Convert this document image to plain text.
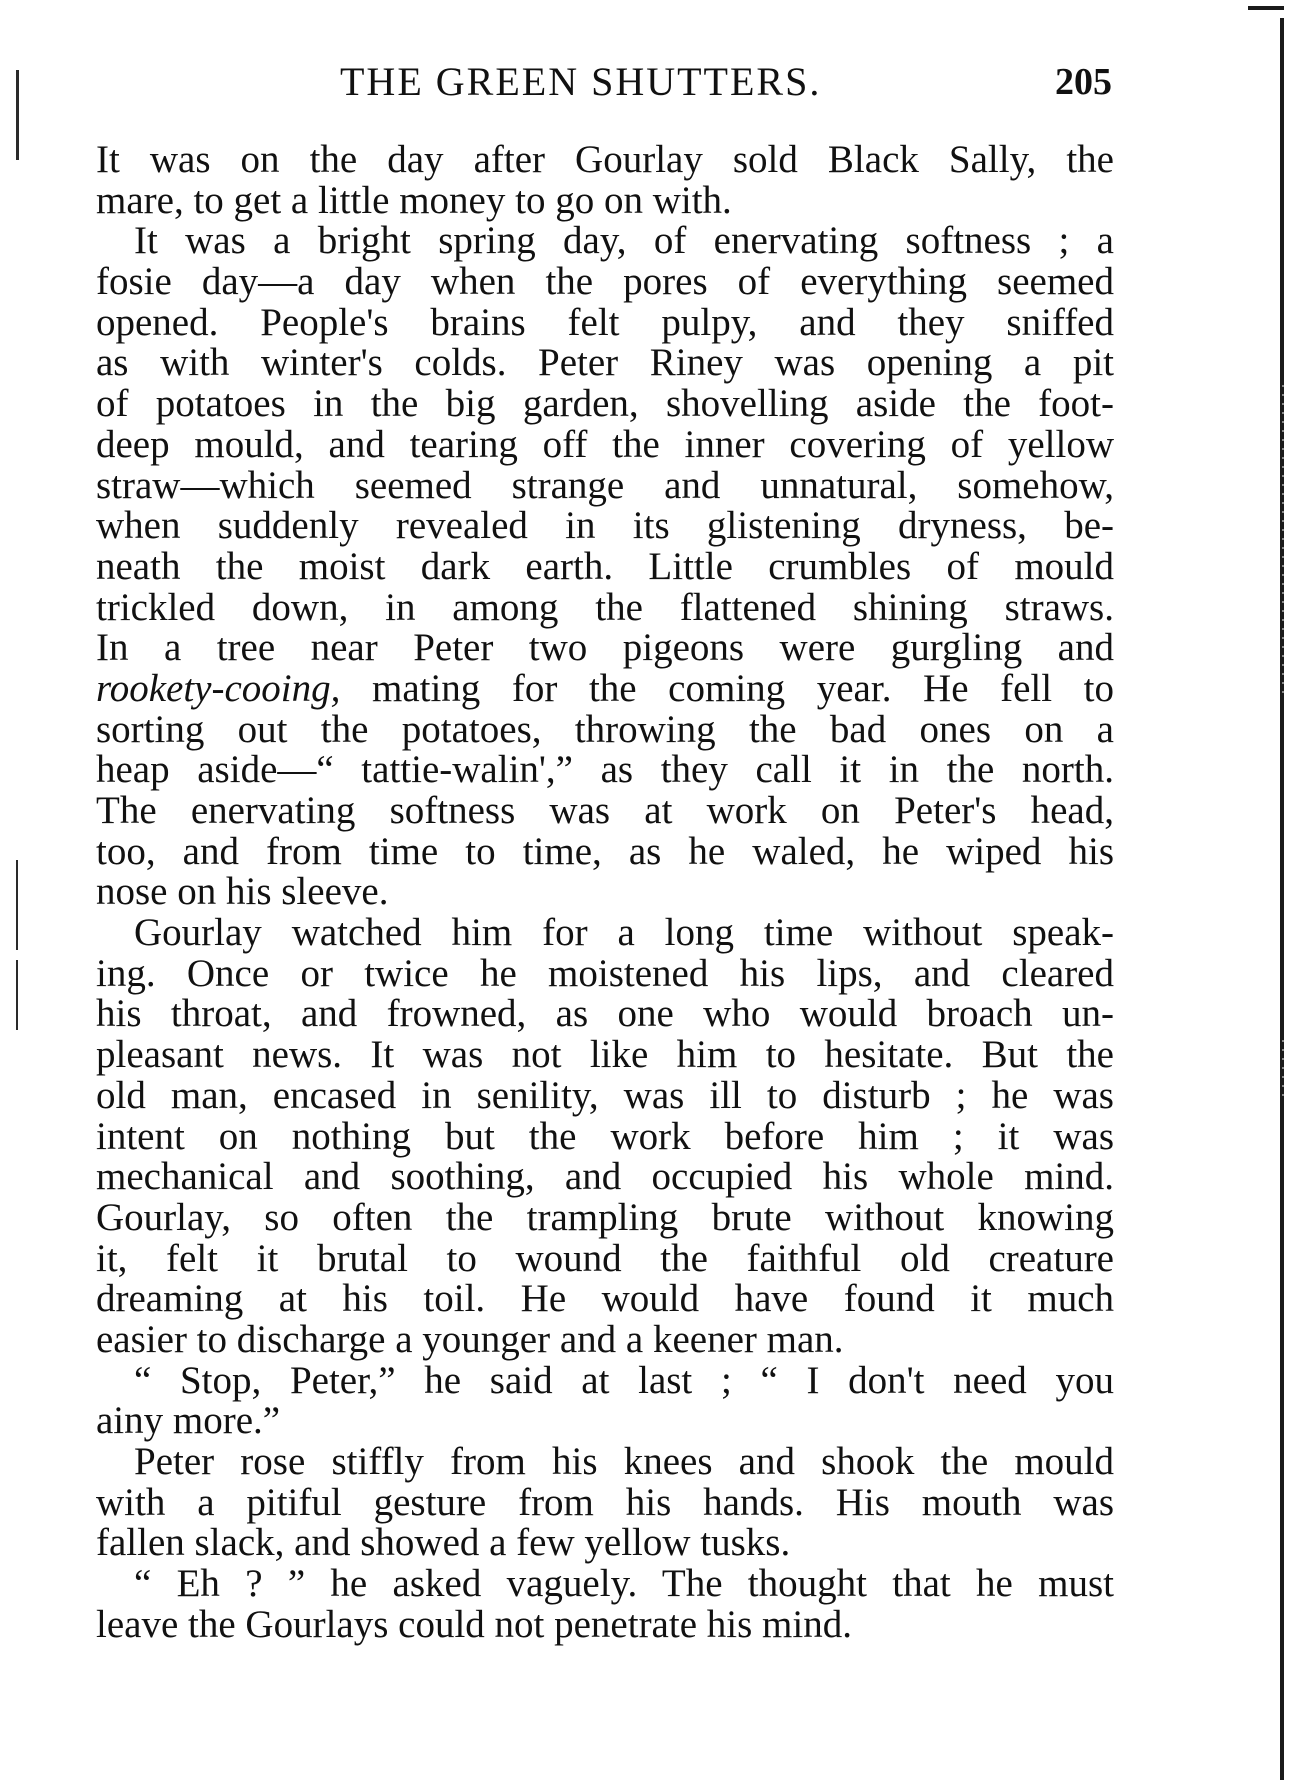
THE GREEN SHUTTERS.	205
It was on the day after Gourlay sold Black Sally, the
mare, to get a little money to go on with.
It was a bright spring day, of enervating softness ; a
fosie day—a day when the pores of everything seemed
opened. People's brains felt pulpy, and they sniffed
as with winter's colds. Peter Riney was opening a pit
of potatoes in the big garden, shovelling aside the foot-
deep mould, and tearing off the inner covering of yellow
straw—which seemed strange and unnatural, somehow,
when suddenly revealed in its glistening dryness, be-
neath the moist dark earth. Little crumbles of mould
trickled down, in among the flattened shining straws.
In a tree near Peter two pigeons were gurgling and
rookety-cooing, mating for the coming year. He fell to
sorting out the potatoes, throwing the bad ones on a
heap aside—“ tattie-walin',” as they call it in the north.
The enervating softness was at work on Peter's head,
too, and from time to time, as he waled, he wiped his
nose on his sleeve.
Gourlay watched him for a long time without speak-
ing. Once or twice he moistened his lips, and cleared
his throat, and frowned, as one who would broach un-
pleasant news. It was not like him to hesitate. But the
old man, encased in senility, was ill to disturb ; he was
intent on nothing but the work before him ; it was
mechanical and soothing, and occupied his whole mind.
Gourlay, so often the trampling brute without knowing
it, felt it brutal to wound the faithful old creature
dreaming at his toil. He would have found it much
easier to discharge a younger and a keener man.
“ Stop, Peter,” he said at last ; “ I don't need you
ainy more.”
Peter rose stiffly from his knees and shook the mould
with a pitiful gesture from his hands. His mouth was
fallen slack, and showed a few yellow tusks.
“ Eh ? ” he asked vaguely. The thought that he must
leave the Gourlays could not penetrate his mind.
